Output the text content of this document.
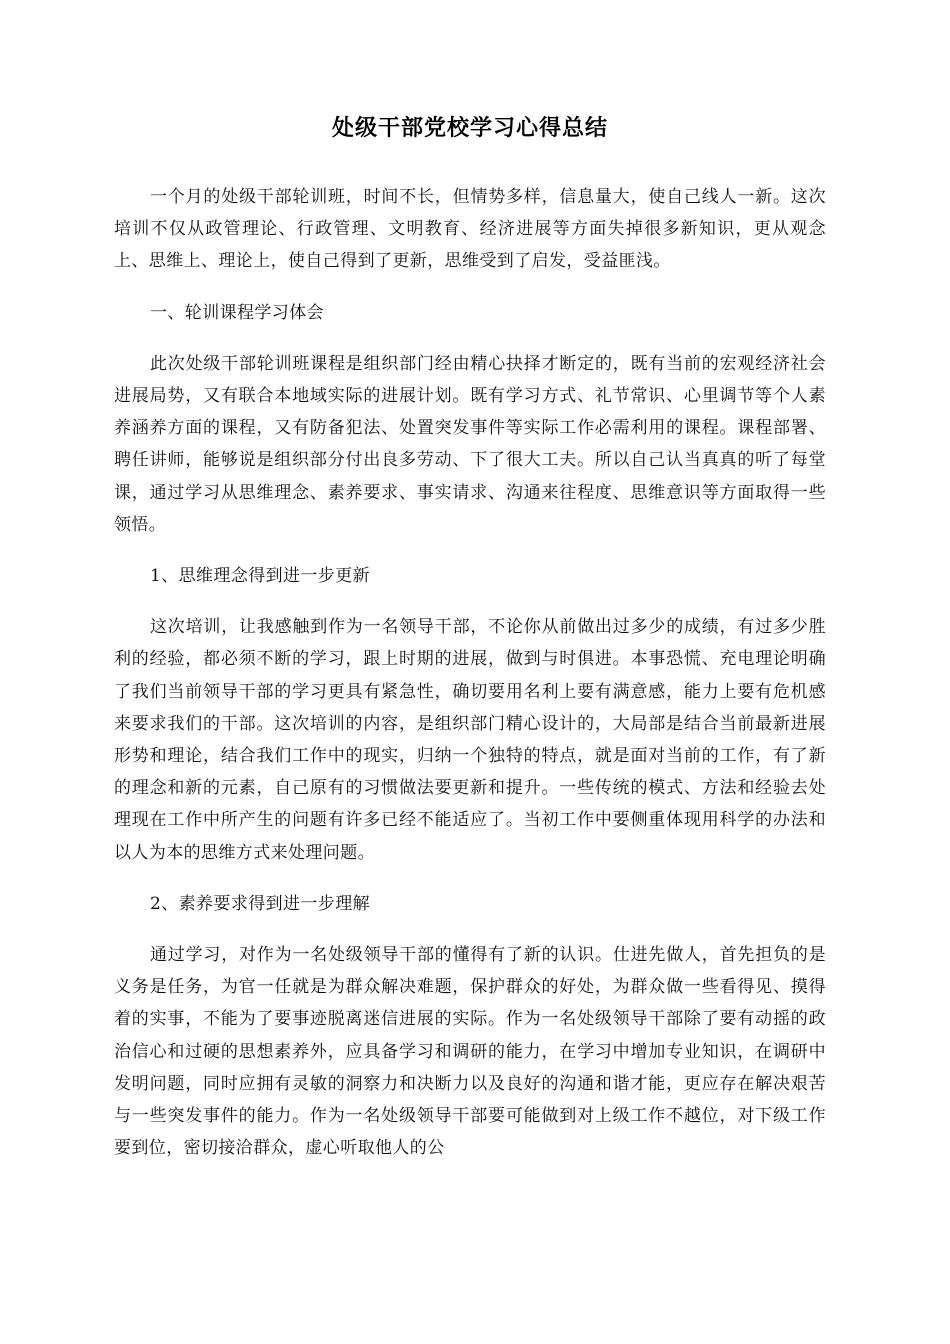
处级干部党校学习心得总结

一个月的处级干部轮训班，时间不长，但情势多样，信息量大，使自己线人一新。这次培训不仅从政管理论、行政管理、文明教育、经济进展等方面失掉很多新知识，更从观念上、思维上、理论上，使自己得到了更新，思维受到了启发，受益匪浅。

一、轮训课程学习体会

此次处级干部轮训班课程是组织部门经由精心抉择才断定的，既有当前的宏观经济社会进展局势，又有联合本地域实际的进展计划。既有学习方式、礼节常识、心里调节等个人素养涵养方面的课程，又有防备犯法、处置突发事件等实际工作必需利用的课程。课程部署、聘任讲师，能够说是组织部分付出良多劳动、下了很大工夫。所以自己认当真真的听了每堂课，通过学习从思维理念、素养要求、事实请求、沟通来往程度、思维意识等方面取得一些领悟。

1、思维理念得到进一步更新

这次培训，让我感触到作为一名领导干部，不论你从前做出过多少的成绩，有过多少胜利的经验，都必须不断的学习，跟上时期的进展，做到与时俱进。本事恐慌、充电理论明确了我们当前领导干部的学习更具有紧急性，确切要用名利上要有满意感，能力上要有危机感来要求我们的干部。这次培训的内容，是组织部门精心设计的，大局部是结合当前最新进展形势和理论，结合我们工作中的现实，归纳一个独特的特点，就是面对当前的工作，有了新的理念和新的元素，自己原有的习惯做法要更新和提升。一些传统的模式、方法和经验去处理现在工作中所产生的问题有许多已经不能适应了。当初工作中要侧重体现用科学的办法和以人为本的思维方式来处理问题。

2、素养要求得到进一步理解

通过学习，对作为一名处级领导干部的懂得有了新的认识。仕进先做人，首先担负的是义务是任务，为官一任就是为群众解决难题，保护群众的好处，为群众做一些看得见、摸得着的实事，不能为了要事迹脱离迷信进展的实际。作为一名处级领导干部除了要有动摇的政治信心和过硬的思想素养外，应具备学习和调研的能力，在学习中增加专业知识，在调研中发明问题，同时应拥有灵敏的洞察力和决断力以及良好的沟通和谐才能，更应存在解决艰苦与一些突发事件的能力。作为一名处级领导干部要可能做到对上级工作不越位，对下级工作要到位，密切接洽群众，虚心听取他人的公
